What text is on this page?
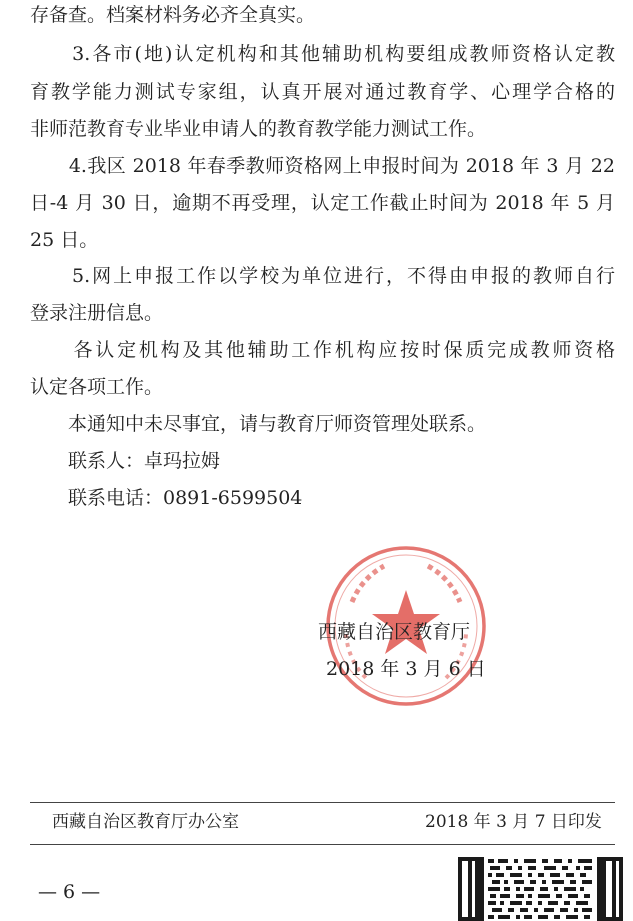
存备查。档案材料务必齐全真实。
　　3.各市(地)认定机构和其他辅助机构要组成教师资格认定教
育教学能力测试专家组，认真开展对通过教育学、心理学合格的
非师范教育专业毕业申请人的教育教学能力测试工作。
　　4.我区 2018 年春季教师资格网上申报时间为 2018 年 3 月 22
日-4 月 30 日，逾期不再受理，认定工作截止时间为 2018 年 5 月
25 日。
　　5.网上申报工作以学校为单位进行，不得由申报的教师自行
登录注册信息。
　　各认定机构及其他辅助工作机构应按时保质完成教师资格
认定各项工作。
　　本通知中未尽事宜，请与教育厅师资管理处联系。
　　联系人：卓玛拉姆
　　联系电话：0891-6599504
西藏自治区教育厅
2018 年 3 月 6 日
西藏自治区教育厅办公室	2018 年 3 月 7 日印发
— 6 —
